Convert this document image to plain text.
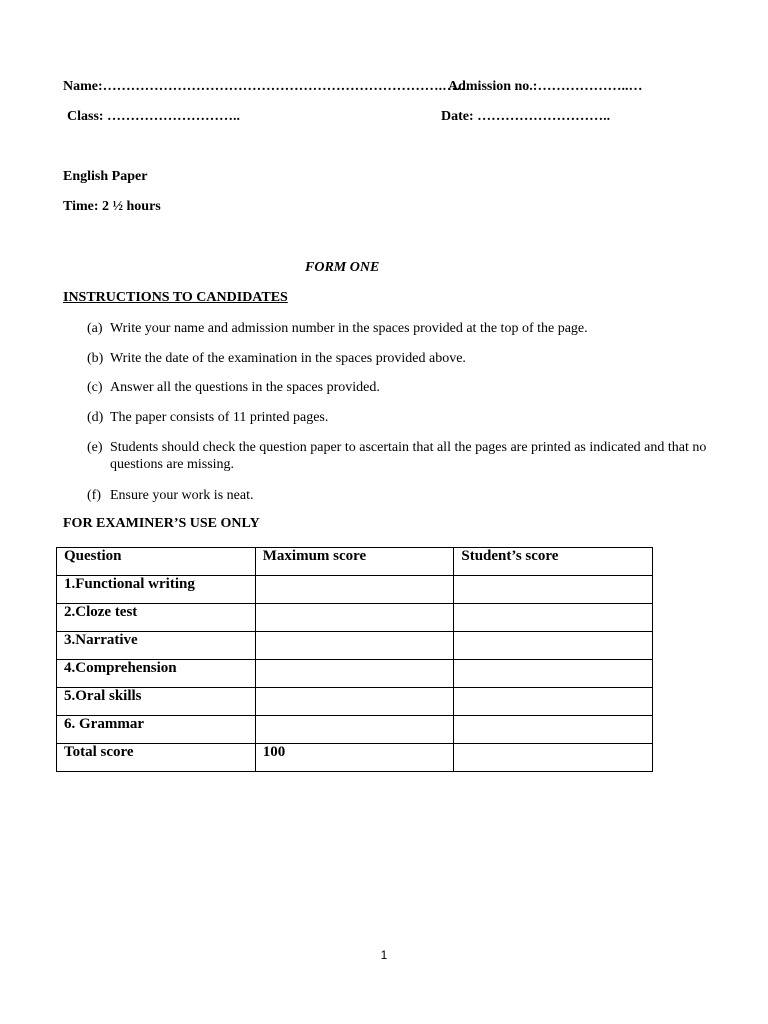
Name:……………………………………………………………….……
Admission no.:………………..…
Class: ………………………..	Date: ………………………..
English Paper
Time: 2 ½ hours
FORM ONE
INSTRUCTIONS TO CANDIDATES
(a) Write your name and admission number in the spaces provided at the top of the page.
(b) Write the date of the examination in the spaces provided above.
(c) Answer all the questions in the spaces provided.
(d) The paper consists of 11 printed pages.
(e) Students should check the question paper to ascertain that all the pages are printed as indicated and that no questions are missing.
(f) Ensure your work is neat.
FOR EXAMINER’S USE ONLY
Question	Maximum score	Student’s score
1.Functional writing		
2.Cloze test		
3.Narrative		
4.Comprehension		
5.Oral skills		
6. Grammar		
Total score	100	
1
